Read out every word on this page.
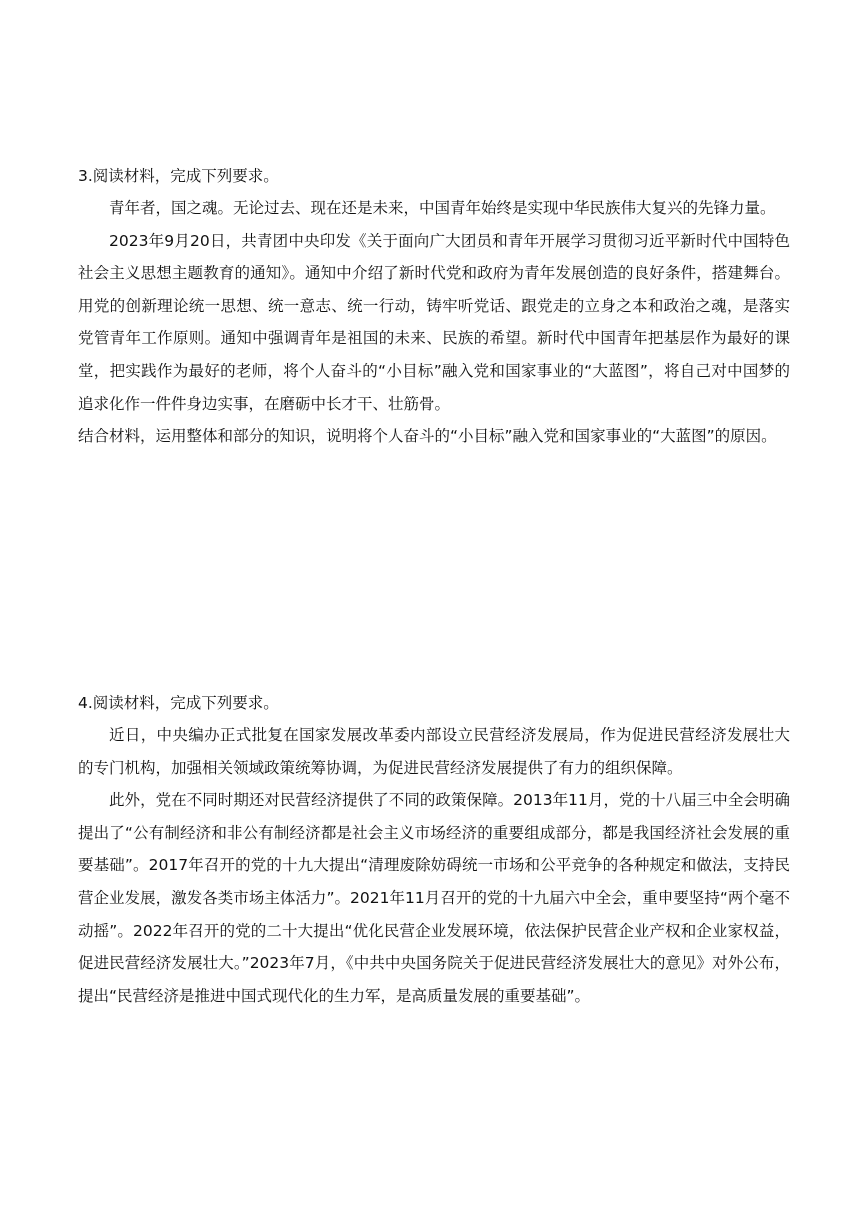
3.阅读材料，完成下列要求。

青年者，国之魂。无论过去、现在还是未来，中国青年始终是实现中华民族伟大复兴的先锋力量。

2023年9月20日，共青团中央印发《关于面向广大团员和青年开展学习贯彻习近平新时代中国特色社会主义思想主题教育的通知》。通知中介绍了新时代党和政府为青年发展创造的良好条件，搭建舞台。用党的创新理论统一思想、统一意志、统一行动，铸牢听党话、跟党走的立身之本和政治之魂，是落实党管青年工作原则。通知中强调青年是祖国的未来、民族的希望。新时代中国青年把基层作为最好的课堂，把实践作为最好的老师，将个人奋斗的“小目标”融入党和国家事业的“大蓝图”，将自己对中国梦的追求化作一件件身边实事，在磨砺中长才干、壮筋骨。

结合材料，运用整体和部分的知识，说明将个人奋斗的“小目标”融入党和国家事业的“大蓝图”的原因。

4.阅读材料，完成下列要求。

近日，中央编办正式批复在国家发展改革委内部设立民营经济发展局，作为促进民营经济发展壮大的专门机构，加强相关领域政策统筹协调，为促进民营经济发展提供了有力的组织保障。

此外，党在不同时期还对民营经济提供了不同的政策保障。2013年11月，党的十八届三中全会明确提出了“公有制经济和非公有制经济都是社会主义市场经济的重要组成部分，都是我国经济社会发展的重要基础”。2017年召开的党的十九大提出“清理废除妨碍统一市场和公平竞争的各种规定和做法，支持民营企业发展，激发各类市场主体活力”。2021年11月召开的党的十九届六中全会，重申要坚持“两个毫不动摇”。2022年召开的党的二十大提出“优化民营企业发展环境，依法保护民营企业产权和企业家权益，促进民营经济发展壮大。”2023年7月，《中共中央国务院关于促进民营经济发展壮大的意见》对外公布，提出“民营经济是推进中国式现代化的生力军，是高质量发展的重要基础”。
